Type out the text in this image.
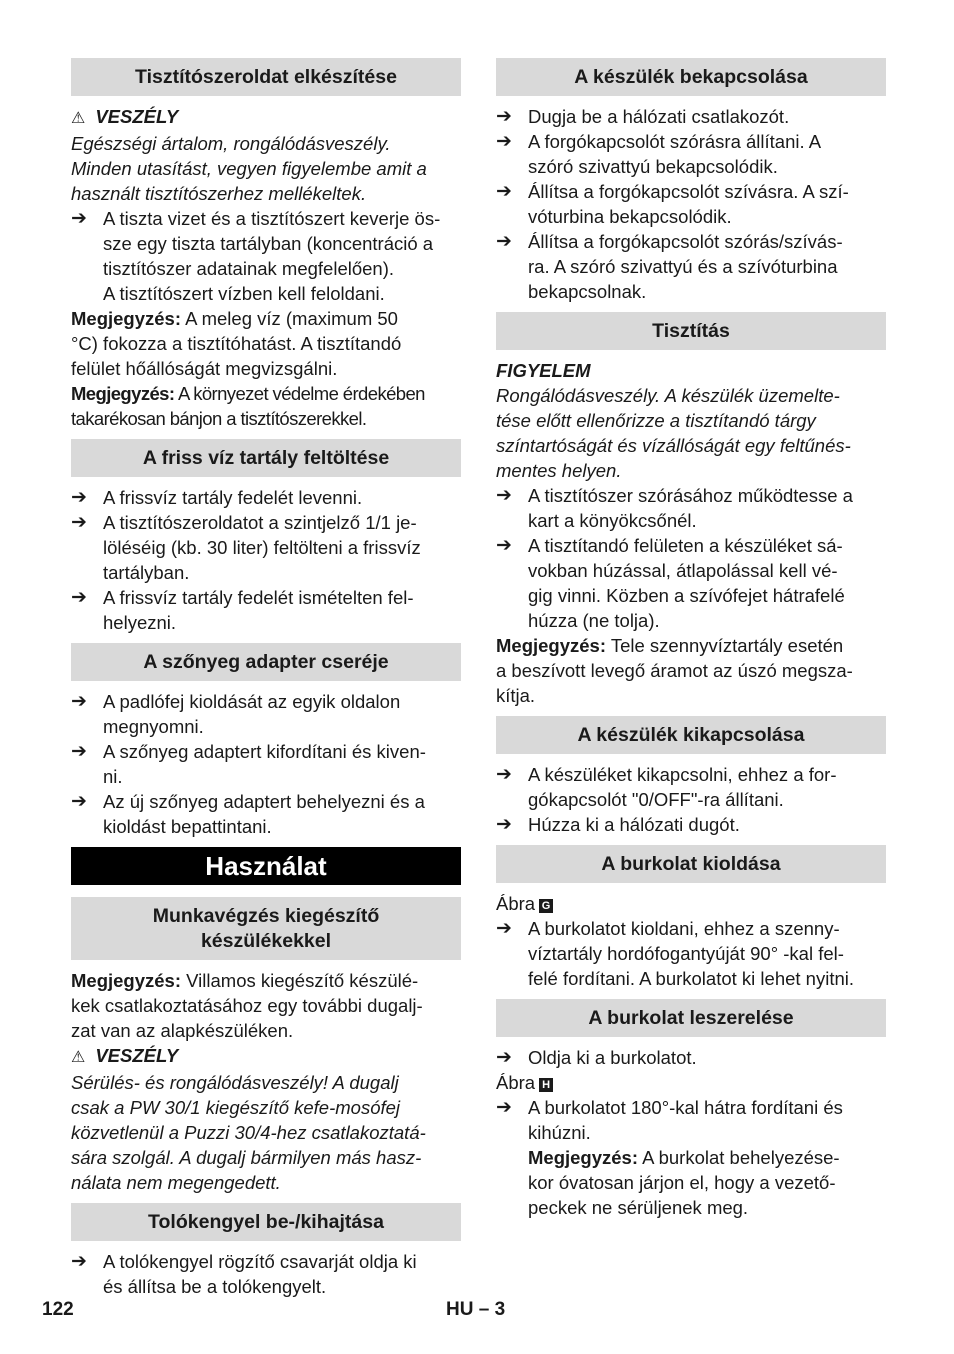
Tisztítószeroldat elkészítése

⚠ VESZÉLY

Egészségi ártalom, rongálódásveszély.
Minden utasítást, vegyen figyelembe amit a
használt tisztítószerhez mellékeltek.

➔ A tiszta vizet és a tisztítószert keverje ös-
sze egy tiszta tartályban (koncentráció a
tisztítószer adatainak megfelelően).
A tisztítószert vízben kell feloldani.

Megjegyzés: A meleg víz (maximum 50
°C) fokozza a tisztítóhatást. A tisztítandó
felület hőállóságát megvizsgálni.

Megjegyzés: A környezet védelme érdekében
takarékosan bánjon a tisztítószerekkel.

A friss víz tartály feltöltése
➔ A frissvíz tartály fedelét levenni.
➔ A tisztítószeroldatot a szintjelző 1/1 je-
löléséig (kb. 30 liter) feltölteni a frissvíz
tartályban.
➔ A frissvíz tartály fedelét ismételten fel-
helyezni.
A szőnyeg adapter cseréje
➔ A padlófej kioldását az egyik oldalon
megnyomni.
➔ A szőnyeg adaptert kifordítani és kiven-
ni.
➔ Az új szőnyeg adaptert behelyezni és a
kioldást bepattintani.
Használat
Munkavégzés kiegészítő
készülékekkel

Megjegyzés: Villamos kiegészítő készülé-
kek csatlakoztatásához egy további dugalj-
zat van az alapkészüléken.

⚠ VESZÉLY

Sérülés- és rongálódásveszély! A dugalj
csak a PW 30/1 kiegészítő kefe-mosófej
közvetlenül a Puzzi 30/4-hez csatlakoztatá-
sára szolgál. A dugalj bármilyen más hasz-
nálata nem megengedett.

Tolókengyel be-/kihajtása
➔ A tolókengyel rögzítő csavarját oldja ki
és állítsa be a tolókengyelt.
A készülék bekapcsolása
➔ Dugja be a hálózati csatlakozót.
➔ A forgókapcsolót szórásra állítani. A
szóró szivattyú bekapcsolódik.
➔ Állítsa a forgókapcsolót szívásra. A szí-
vóturbina bekapcsolódik.
➔ Állítsa a forgókapcsolót szórás/szívás-
ra. A szóró szivattyú és a szívóturbina
bekapcsolnak.
Tisztítás

FIGYELEM

Rongálódásveszély. A készülék üzemelte-
tése előtt ellenőrizze a tisztítandó tárgy
színtartóságát és vízállóságát egy feltűnés-
mentes helyen.

➔ A tisztítószer szórásához működtesse a
kart a könyökcsőnél.
➔ A tisztítandó felületen a készüléket sá-
vokban húzással, átlapolással kell vé-
gig vinni. Közben a szívófejet hátrafelé
húzza (ne tolja).

Megjegyzés: Tele szennyvíztartály esetén
a beszívott levegő áramot az úszó megsza-
kítja.

A készülék kikapcsolása
➔ A készüléket kikapcsolni, ehhez a for-
gókapcsolót "0/OFF"-ra állítani.
➔ Húzza ki a hálózati dugót.
A burkolat kioldása

Ábra G

➔ A burkolatot kioldani, ehhez a szenny-
víztartály hordófogantyúját 90° -kal fel-
felé fordítani. A burkolatot ki lehet nyitni.
A burkolat leszerelése
➔ Oldja ki a burkolatot.

Ábra H

➔ A burkolatot 180°-kal hátra fordítani és
kihúzni.

Megjegyzés: A burkolat behelyezése-
kor óvatosan járjon el, hogy a vezető-
peckek ne sérüljenek meg.

122	HU – 3
